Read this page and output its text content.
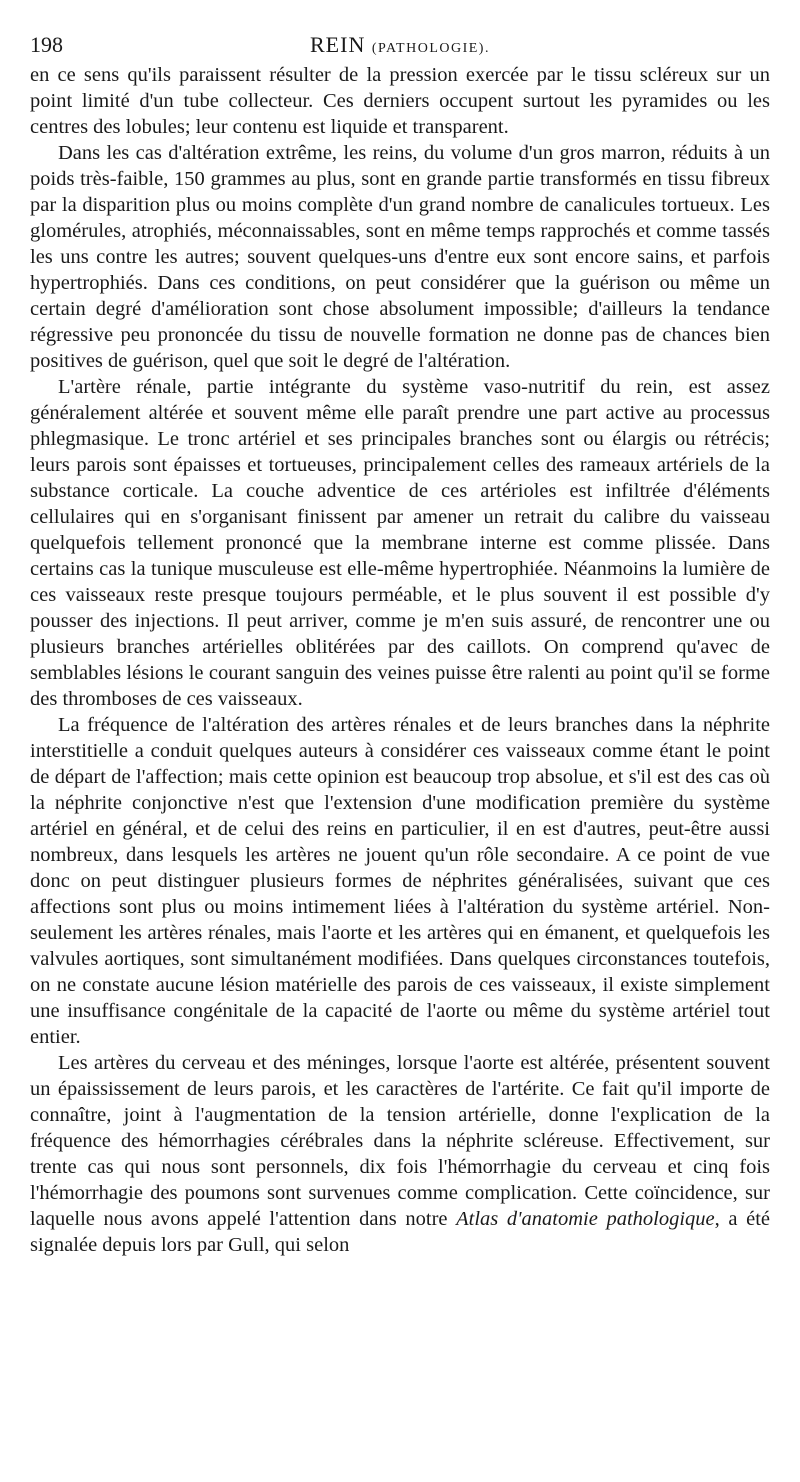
198	REIN (PATHOLOGIE).

en ce sens qu'ils paraissent résulter de la pression exercée par le tissu scléreux sur un point limité d'un tube collecteur. Ces derniers occupent surtout les pyramides ou les centres des lobules; leur contenu est liquide et transparent.

Dans les cas d'altération extrême, les reins, du volume d'un gros marron, réduits à un poids très-faible, 150 grammes au plus, sont en grande partie transformés en tissu fibreux par la disparition plus ou moins complète d'un grand nombre de canalicules tortueux. Les glomérules, atrophiés, méconnaissables, sont en même temps rapprochés et comme tassés les uns contre les autres; souvent quelques-uns d'entre eux sont encore sains, et parfois hypertrophiés. Dans ces conditions, on peut considérer que la guérison ou même un certain degré d'amélioration sont chose absolument impossible; d'ailleurs la tendance régressive peu prononcée du tissu de nouvelle formation ne donne pas de chances bien positives de guérison, quel que soit le degré de l'altération.

L'artère rénale, partie intégrante du système vaso-nutritif du rein, est assez généralement altérée et souvent même elle paraît prendre une part active au processus phlegmasique. Le tronc artériel et ses principales branches sont ou élargis ou rétrécis; leurs parois sont épaisses et tortueuses, principalement celles des rameaux artériels de la substance corticale. La couche adventice de ces artérioles est infiltrée d'éléments cellulaires qui en s'organisant finissent par amener un retrait du calibre du vaisseau quelquefois tellement prononcé que la membrane interne est comme plissée. Dans certains cas la tunique musculeuse est elle-même hypertrophiée. Néanmoins la lumière de ces vaisseaux reste presque toujours perméable, et le plus souvent il est possible d'y pousser des injections. Il peut arriver, comme je m'en suis assuré, de rencontrer une ou plusieurs branches artérielles oblitérées par des caillots. On comprend qu'avec de semblables lésions le courant sanguin des veines puisse être ralenti au point qu'il se forme des thromboses de ces vaisseaux.

La fréquence de l'altération des artères rénales et de leurs branches dans la néphrite interstitielle a conduit quelques auteurs à considérer ces vaisseaux comme étant le point de départ de l'affection; mais cette opinion est beaucoup trop absolue, et s'il est des cas où la néphrite conjonctive n'est que l'extension d'une modification première du système artériel en général, et de celui des reins en particulier, il en est d'autres, peut-être aussi nombreux, dans lesquels les artères ne jouent qu'un rôle secondaire. A ce point de vue donc on peut distinguer plusieurs formes de néphrites généralisées, suivant que ces affections sont plus ou moins intimement liées à l'altération du système artériel. Non-seulement les artères rénales, mais l'aorte et les artères qui en émanent, et quelquefois les valvules aortiques, sont simultanément modifiées. Dans quelques circonstances toutefois, on ne constate aucune lésion matérielle des parois de ces vaisseaux, il existe simplement une insuffisance congénitale de la capacité de l'aorte ou même du système artériel tout entier.

Les artères du cerveau et des méninges, lorsque l'aorte est altérée, présentent souvent un épaississement de leurs parois, et les caractères de l'artérite. Ce fait qu'il importe de connaître, joint à l'augmentation de la tension artérielle, donne l'explication de la fréquence des hémorrhagies cérébrales dans la néphrite scléreuse. Effectivement, sur trente cas qui nous sont personnels, dix fois l'hémorrhagie du cerveau et cinq fois l'hémorrhagie des poumons sont survenues comme complication. Cette coïncidence, sur laquelle nous avons appelé l'attention dans notre Atlas d'anatomie pathologique, a été signalée depuis lors par Gull, qui selon
